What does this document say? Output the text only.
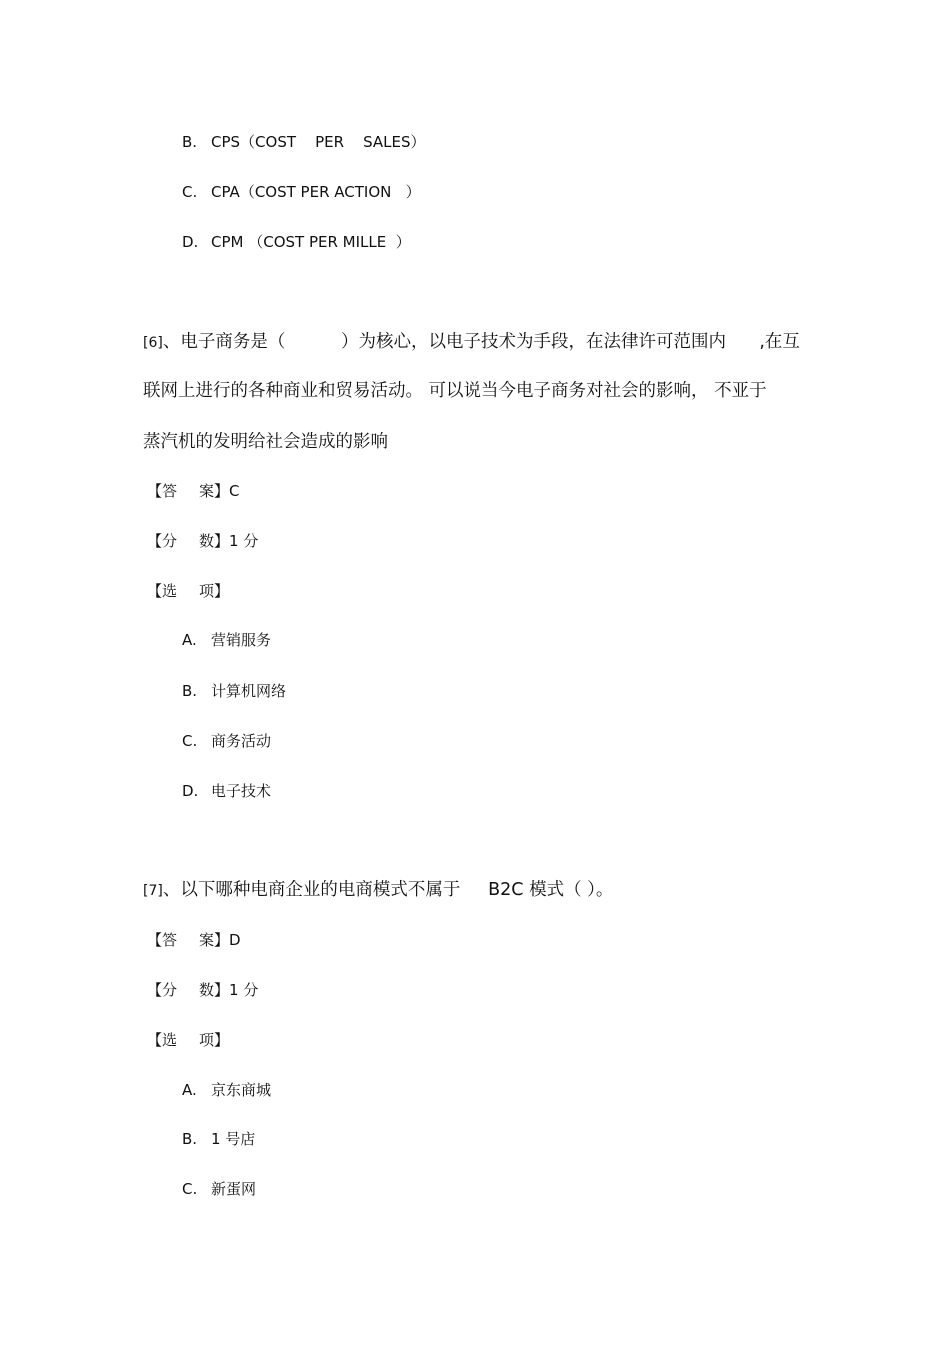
B. CPS（COST    PER    SALES）
C. CPA（COST PER ACTION   ）
D. CPM （COST PER MILLE  ）
[6]、电子商务是（          ）为核心，以电子技术为手段，在法律许可范围内      ,在互
联网上进行的各种商业和贸易活动。 可以说当今电子商务对社会的影响， 不亚于
蒸汽机的发明给社会造成的影响
【答 案】C
【分 数】1 分
【选 项】
A. 营销服务
B. 计算机网络
C. 商务活动
D. 电子技术
[7]、以下哪种电商企业的电商模式不属于     B2C 模式（ ）。
【答 案】D
【分 数】1 分
【选 项】
A. 京东商城
B. 1 号店
C. 新蛋网
